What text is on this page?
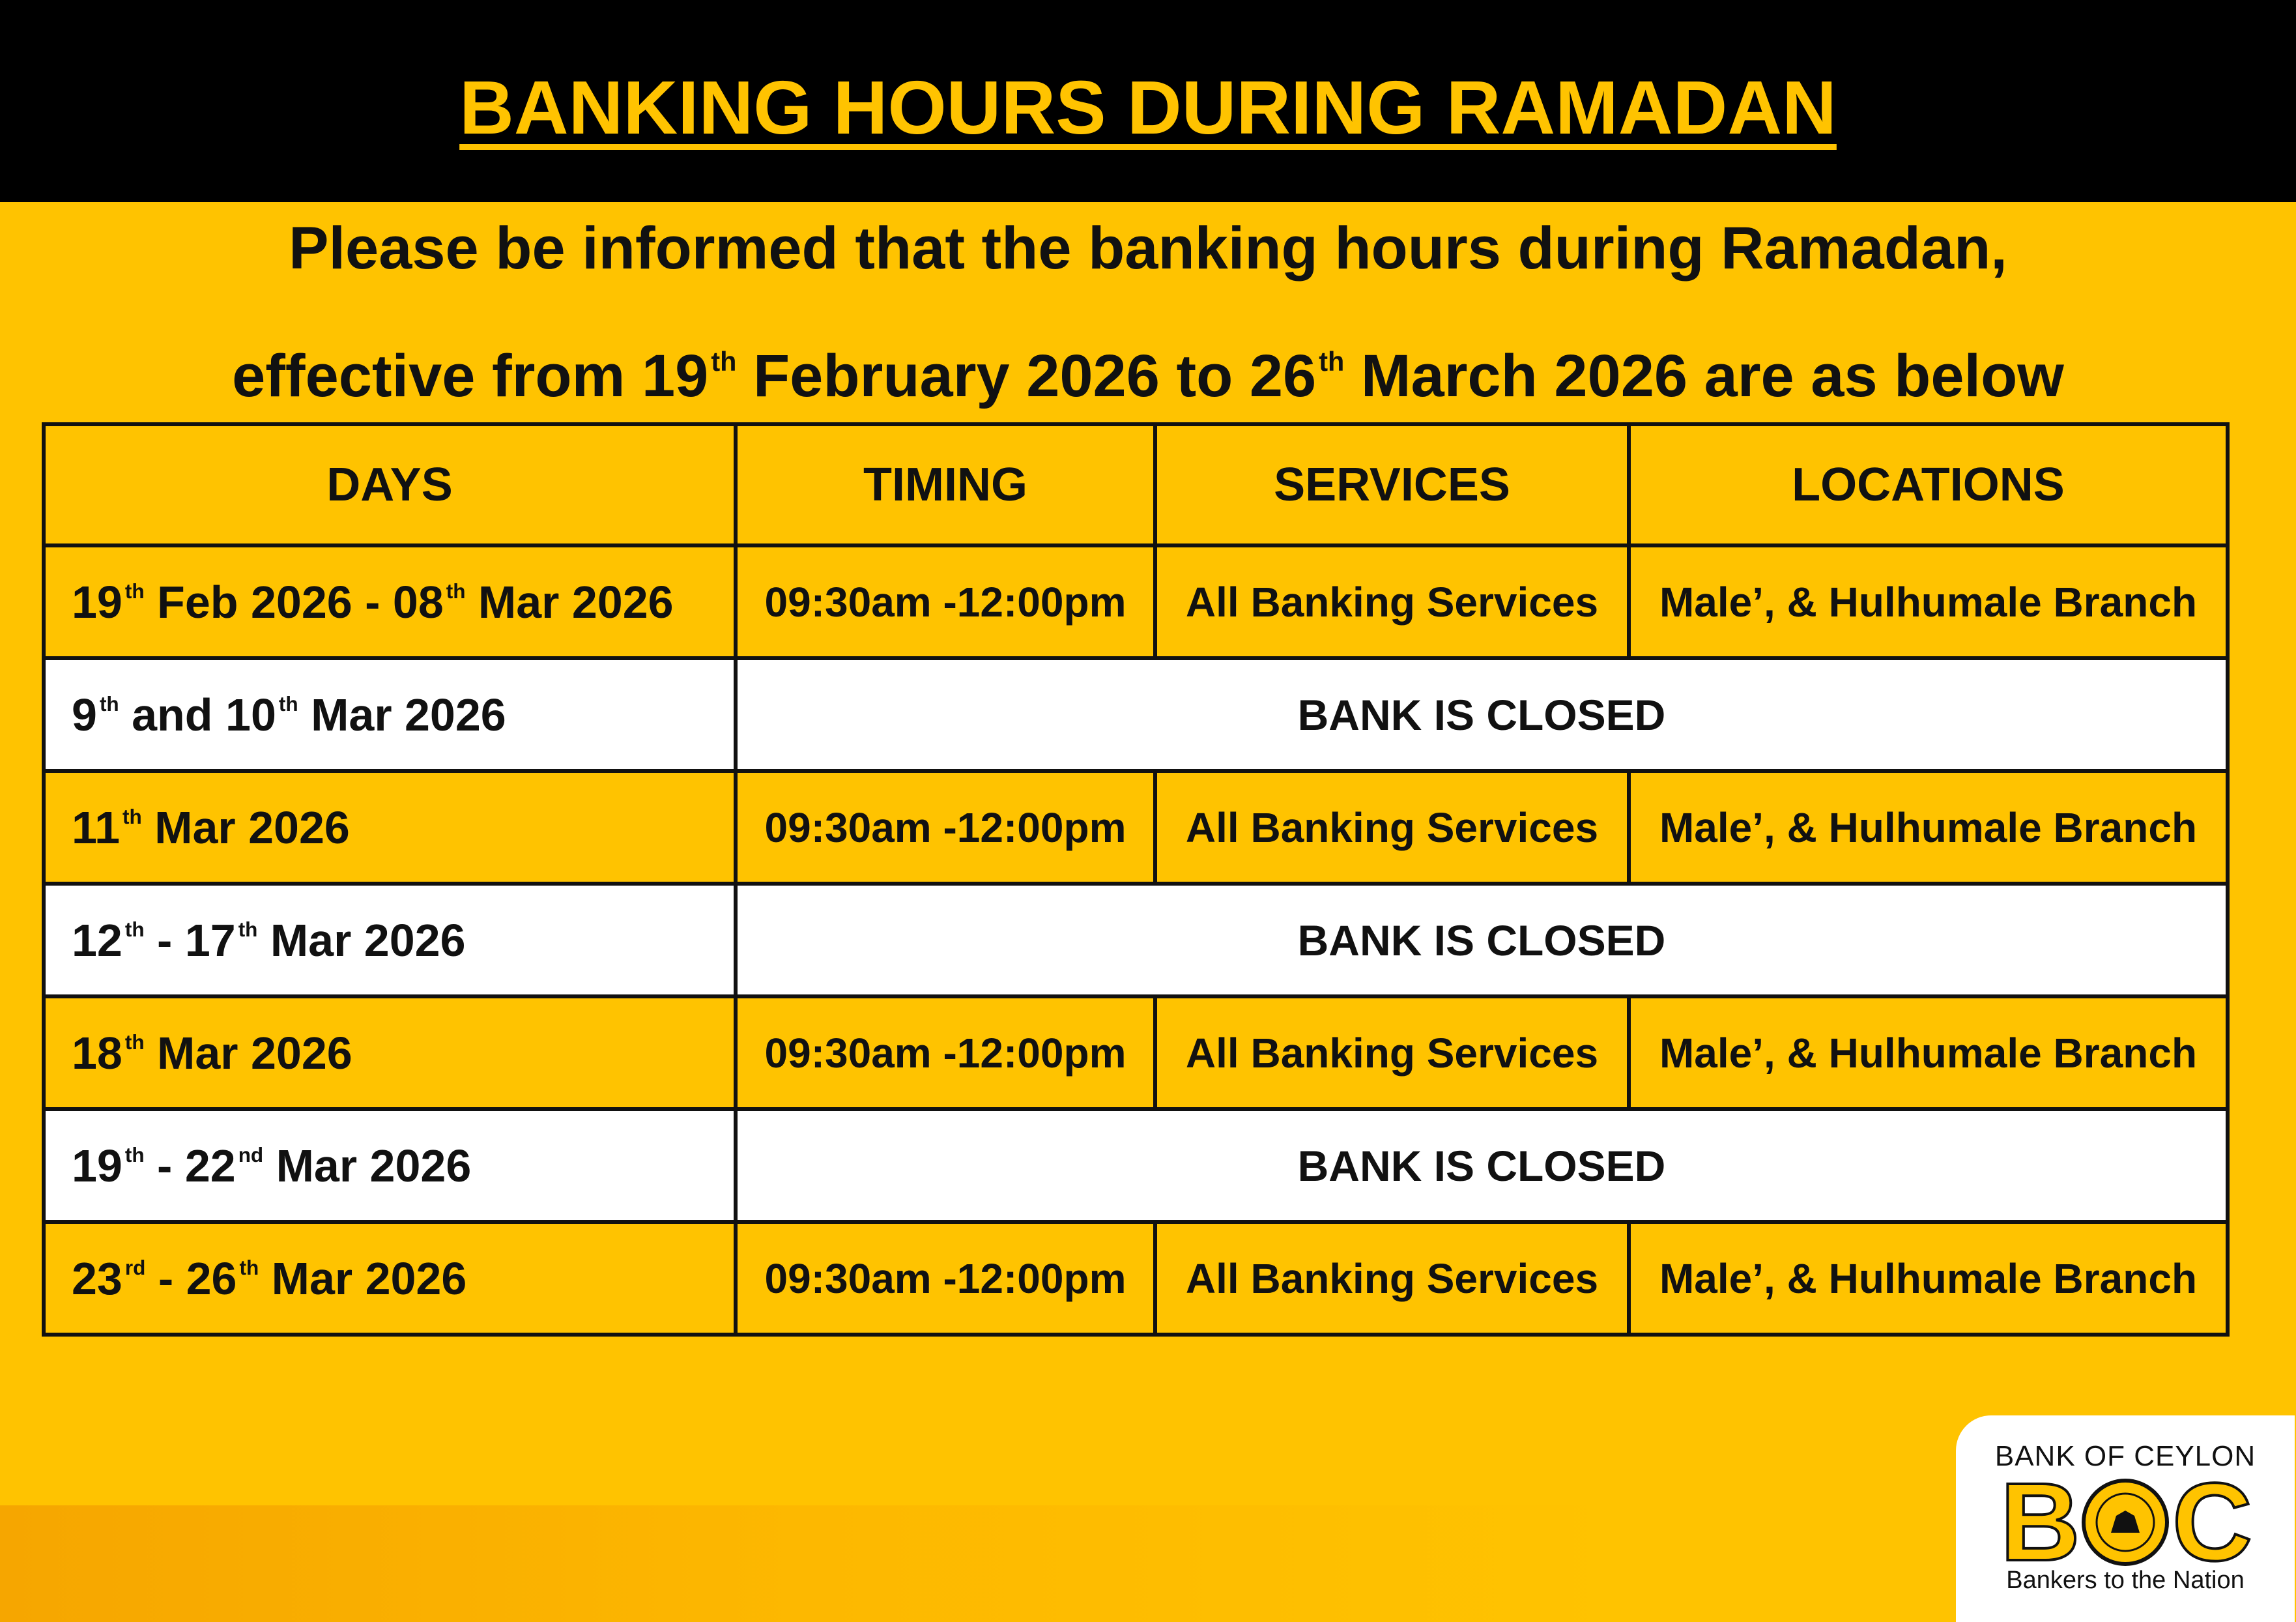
BANKING HOURS DURING RAMADAN
Please be informed that the banking hours during Ramadan,
effective from 19th February 2026 to 26th March 2026 are as below
DAYS	TIMING	SERVICES	LOCATIONS
19 $^{th}$ Feb 2026 - 08 $^{th}$ Mar 2026	09:30am -12:00pm	All Banking Services	Male’, & Hulhumale Branch
9 $^{th}$ and 10 $^{th}$ Mar 2026	BANK IS CLOSED		
11 $^{th}$ Mar 2026	09:30am -12:00pm	All Banking Services	Male’, & Hulhumale Branch
12 $^{th}$ - 17 $^{th}$ Mar 2026	BANK IS CLOSED		
18 $^{th}$ Mar 2026	09:30am -12:00pm	All Banking Services	Male’, & Hulhumale Branch
19 $^{th}$ - 22 $^{nd}$ Mar 2026	BANK IS CLOSED		
23 $^{rd}$ - 26 $^{th}$ Mar 2026	09:30am -12:00pm	All Banking Services	Male’, & Hulhumale Branch
BANK OF CEYLON
B C
Bankers to the Nation
